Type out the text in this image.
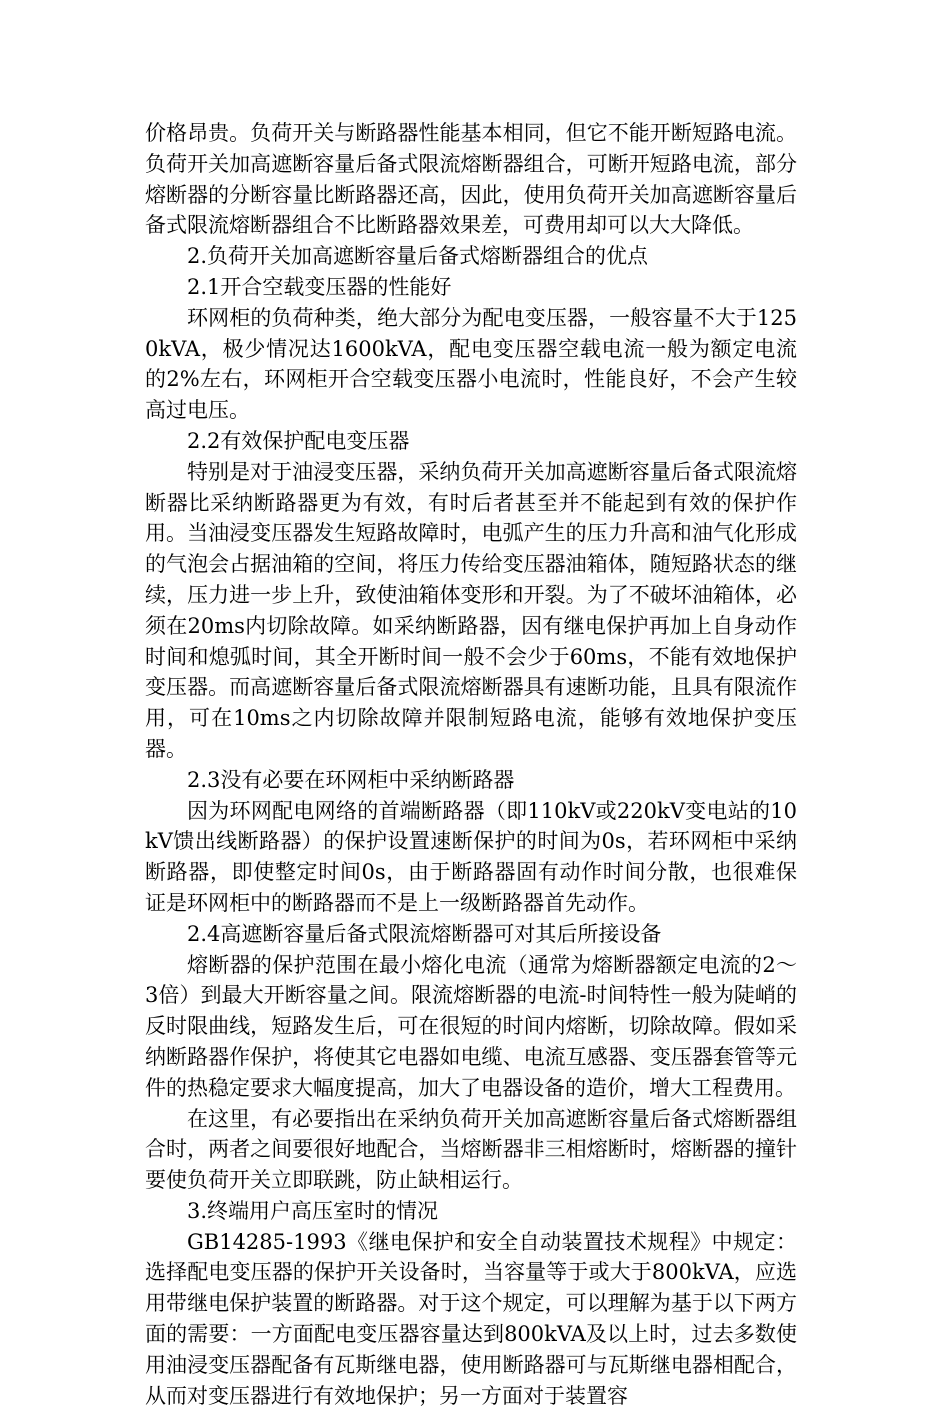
价格昂贵。负荷开关与断路器性能基本相同，但它不能开断短路电流。负荷开关加高遮断容量后备式限流熔断器组合，可断开短路电流，部分熔断器的分断容量比断路器还高，因此，使用负荷开关加高遮断容量后备式限流熔断器组合不比断路器效果差，可费用却可以大大降低。

2.负荷开关加高遮断容量后备式熔断器组合的优点

2.1开合空载变压器的性能好

环网柜的负荷种类，绝大部分为配电变压器，一般容量不大于1250kVA，极少情况达1600kVA，配电变压器空载电流一般为额定电流的2%左右，环网柜开合空载变压器小电流时，性能良好，不会产生较高过电压。

2.2有效保护配电变压器

特别是对于油浸变压器，采纳负荷开关加高遮断容量后备式限流熔断器比采纳断路器更为有效，有时后者甚至并不能起到有效的保护作用。当油浸变压器发生短路故障时，电弧产生的压力升高和油气化形成的气泡会占据油箱的空间，将压力传给变压器油箱体，随短路状态的继续，压力进一步上升，致使油箱体变形和开裂。为了不破坏油箱体，必须在20ms内切除故障。如采纳断路器，因有继电保护再加上自身动作时间和熄弧时间，其全开断时间一般不会少于60ms，不能有效地保护变压器。而高遮断容量后备式限流熔断器具有速断功能，且具有限流作用，可在10ms之内切除故障并限制短路电流，能够有效地保护变压器。

2.3没有必要在环网柜中采纳断路器

因为环网配电网络的首端断路器（即110kV或220kV变电站的10kV馈出线断路器）的保护设置速断保护的时间为0s，若环网柜中采纳断路器，即使整定时间0s，由于断路器固有动作时间分散，也很难保证是环网柜中的断路器而不是上一级断路器首先动作。

2.4高遮断容量后备式限流熔断器可对其后所接设备

熔断器的保护范围在最小熔化电流（通常为熔断器额定电流的2～3倍）到最大开断容量之间。限流熔断器的电流-时间特性一般为陡峭的反时限曲线，短路发生后，可在很短的时间内熔断，切除故障。假如采纳断路器作保护，将使其它电器如电缆、电流互感器、变压器套管等元件的热稳定要求大幅度提高，加大了电器设备的造价，增大工程费用。

在这里，有必要指出在采纳负荷开关加高遮断容量后备式熔断器组合时，两者之间要很好地配合，当熔断器非三相熔断时，熔断器的撞针要使负荷开关立即联跳，防止缺相运行。

3.终端用户高压室时的情况

GB14285-1993《继电保护和安全自动装置技术规程》中规定：选择配电变压器的保护开关设备时，当容量等于或大于800kVA，应选用带继电保护装置的断路器。对于这个规定，可以理解为基于以下两方面的需要：一方面配电变压器容量达到800kVA及以上时，过去多数使用油浸变压器配备有瓦斯继电器，使用断路器可与瓦斯继电器相配合，从而对变压器进行有效地保护；另一方面对于装置容
